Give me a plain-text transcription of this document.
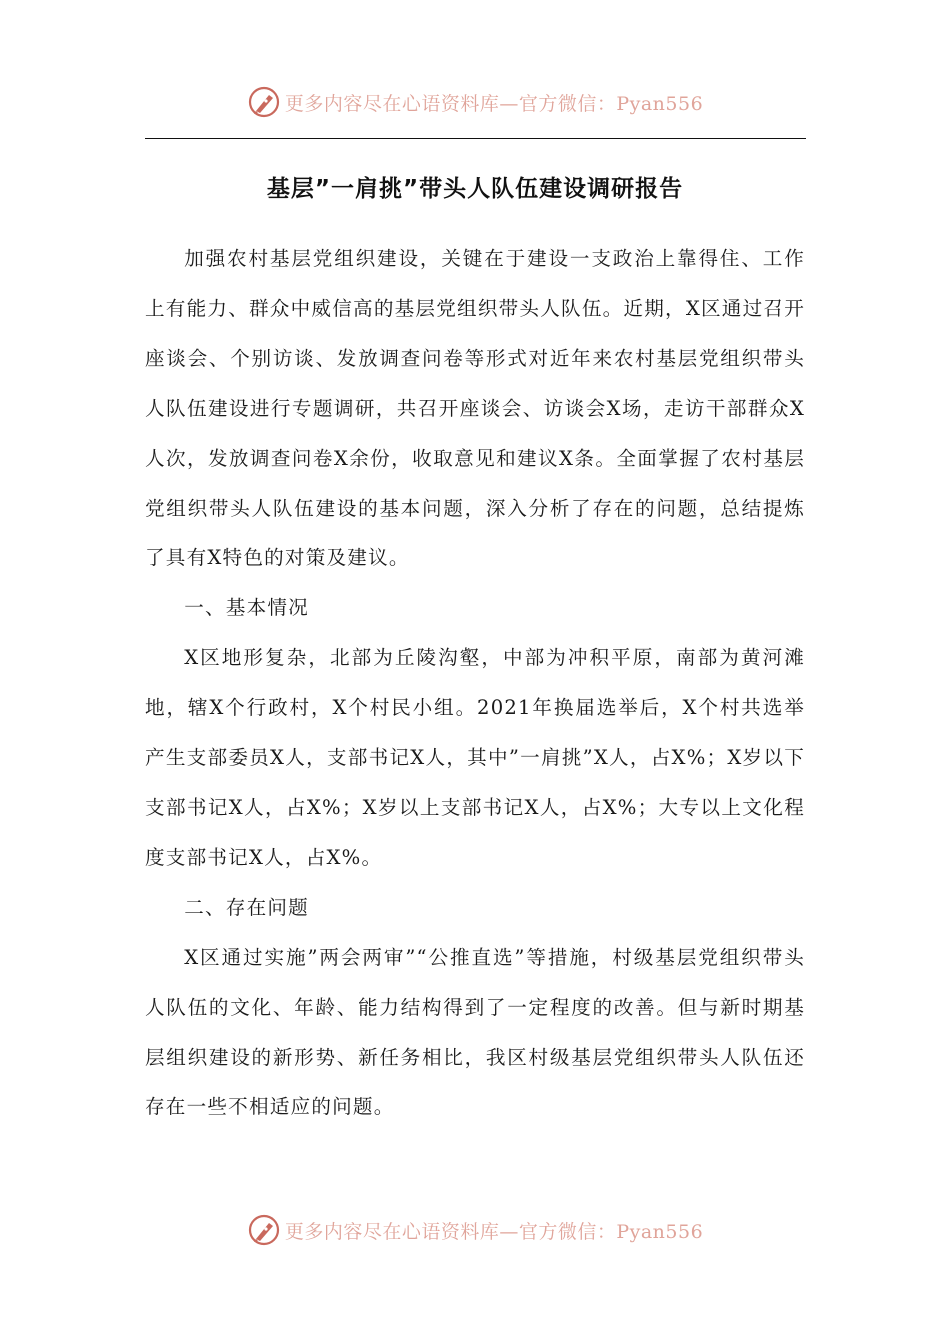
更多内容尽在心语资料库—官方微信：Pyan556
基层”一肩挑”带头人队伍建设调研报告

加强农村基层党组织建设，关键在于建设一支政治上靠得住、工作上有能力、群众中威信高的基层党组织带头人队伍。近期，X区通过召开座谈会、个别访谈、发放调查问卷等形式对近年来农村基层党组织带头人队伍建设进行专题调研，共召开座谈会、访谈会X场，走访干部群众X人次，发放调查问卷X余份，收取意见和建议X条。全面掌握了农村基层党组织带头人队伍建设的基本问题，深入分析了存在的问题，总结提炼了具有X特色的对策及建议。

一、基本情况

X区地形复杂，北部为丘陵沟壑，中部为冲积平原，南部为黄河滩地，辖X个行政村，X个村民小组。2021年换届选举后，X个村共选举产生支部委员X人，支部书记X人，其中”一肩挑”X人，占X%；X岁以下支部书记X人，占X%；X岁以上支部书记X人，占X%；大专以上文化程度支部书记X人，占X%。

二、存在问题

X区通过实施”两会两审”“公推直选”等措施，村级基层党组织带头人队伍的文化、年龄、能力结构得到了一定程度的改善。但与新时期基层组织建设的新形势、新任务相比，我区村级基层党组织带头人队伍还存在一些不相适应的问题。

更多内容尽在心语资料库—官方微信：Pyan556
